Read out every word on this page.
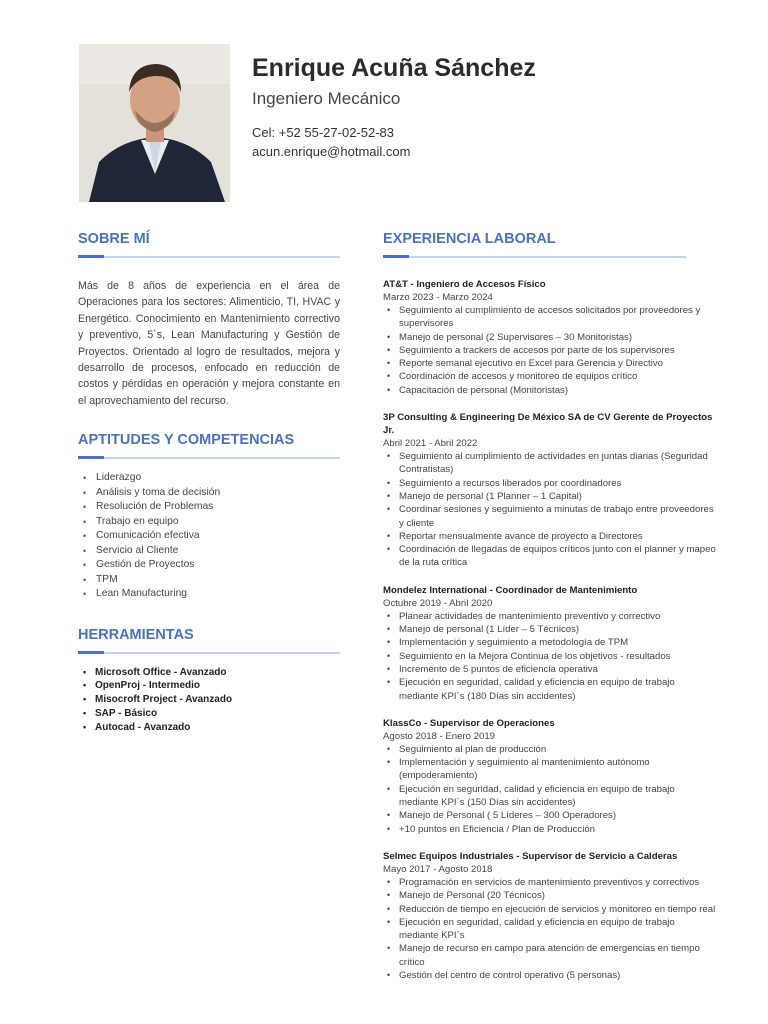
Enrique Acuña Sánchez
Ingeniero Mecánico
Cel: +52 55-27-02-52-83
acun.enrique@hotmail.com
SOBRE MÍ

Más de 8 años de experiencia en el área de Operaciones para los sectores: Alimenticio, TI, HVAC y Energético. Conocimiento en Mantenimiento correctivo y preventivo, 5´s, Lean Manufacturing y Gestión de Proyectos. Orientado al logro de resultados, mejora y desarrollo de procesos, enfocado en reducción de costos y pérdidas en operación y mejora constante en el aprovechamiento del recurso.

APTITUDES Y COMPETENCIAS
• Liderazgo
• Análisis y toma de decisión
• Resolución de Problemas
• Trabajo en equipo
• Comunicación efectiva
• Servicio al Cliente
• Gestión de Proyectos
• TPM
• Lean Manufacturing
HERRAMIENTAS
• Microsoft Office - Avanzado
• OpenProj - Intermedio
• Misocroft Project - Avanzado
• SAP - Básico
• Autocad - Avanzado
EXPERIENCIA LABORAL
AT&T - Ingeniero de Accesos Físico
Marzo 2023 - Marzo 2024
• Seguimiento al cumplimiento de accesos solicitados por proveedores y supervisores
• Manejo de personal (2 Supervisores – 30 Monitoristas)
• Seguimiento a trackers de accesos por parte de los supervisores
• Reporte semanal ejecutivo en Excel para Gerencia y Directivo
• Coordinación de accesos y monitoreo de equipos crítico
• Capacitación de personal (Monitoristas)
3P Consulting & Engineering De México SA de CV Gerente de Proyectos Jr.
Abril 2021 - Abril 2022
• Seguimiento al cumplimiento de actividades en juntas diarias (Seguridad Contratistas)
• Seguimiento a recursos liberados por coordinadores
• Manejo de personal (1 Planner – 1 Capital)
• Coordinar sesiones y seguimiento a minutas de trabajo entre proveedores y cliente
• Reportar mensualmente avance de proyecto a Directores
• Coordinación de llegadas de equipos críticos junto con el planner y mapeo de la ruta crítica
Mondelez International - Coordinador de Mantenimiento
Octubre 2019 - Abril 2020
• Planear actividades de mantenimiento preventivo y correctivo
• Manejo de personal (1 Líder – 5 Técnicos)
• Implementación y seguimiento a metodología de TPM
• Seguimiento en la Mejora Continua de los objetivos - resultados
• Incremento de 5 puntos de eficiencia operativa
• Ejecución en seguridad, calidad y eficiencia en equipo de trabajo mediante KPI´s (180 Días sin accidentes)
KlassCo - Supervisor de Operaciones
Agosto 2018 - Enero 2019
• Seguimiento al plan de producción
• Implementación y seguimiento al mantenimiento autónomo (empoderamiento)
• Ejecución en seguridad, calidad y eficiencia en equipo de trabajo mediante KPI´s (150 Días sin accidentes)
• Manejo de Personal ( 5 Líderes – 300 Operadores)
• +10 puntos en Eficiencia / Plan de Producción
Selmec Equipos Industriales - Supervisor de Servicio a Calderas
Mayo 2017 - Agosto 2018
• Programación en servicios de mantenimiento preventivos y correctivos
• Manejo de Personal (20 Técnicos)
• Reducción de tiempo en ejecución de servicios y monitoreo en tiempo real
• Ejecución en seguridad, calidad y eficiencia en equipo de trabajo mediante KPI´s
• Manejo de recurso en campo para atención de emergencias en tiempo crítico
• Gestión del centro de control operativo (5 personas)
